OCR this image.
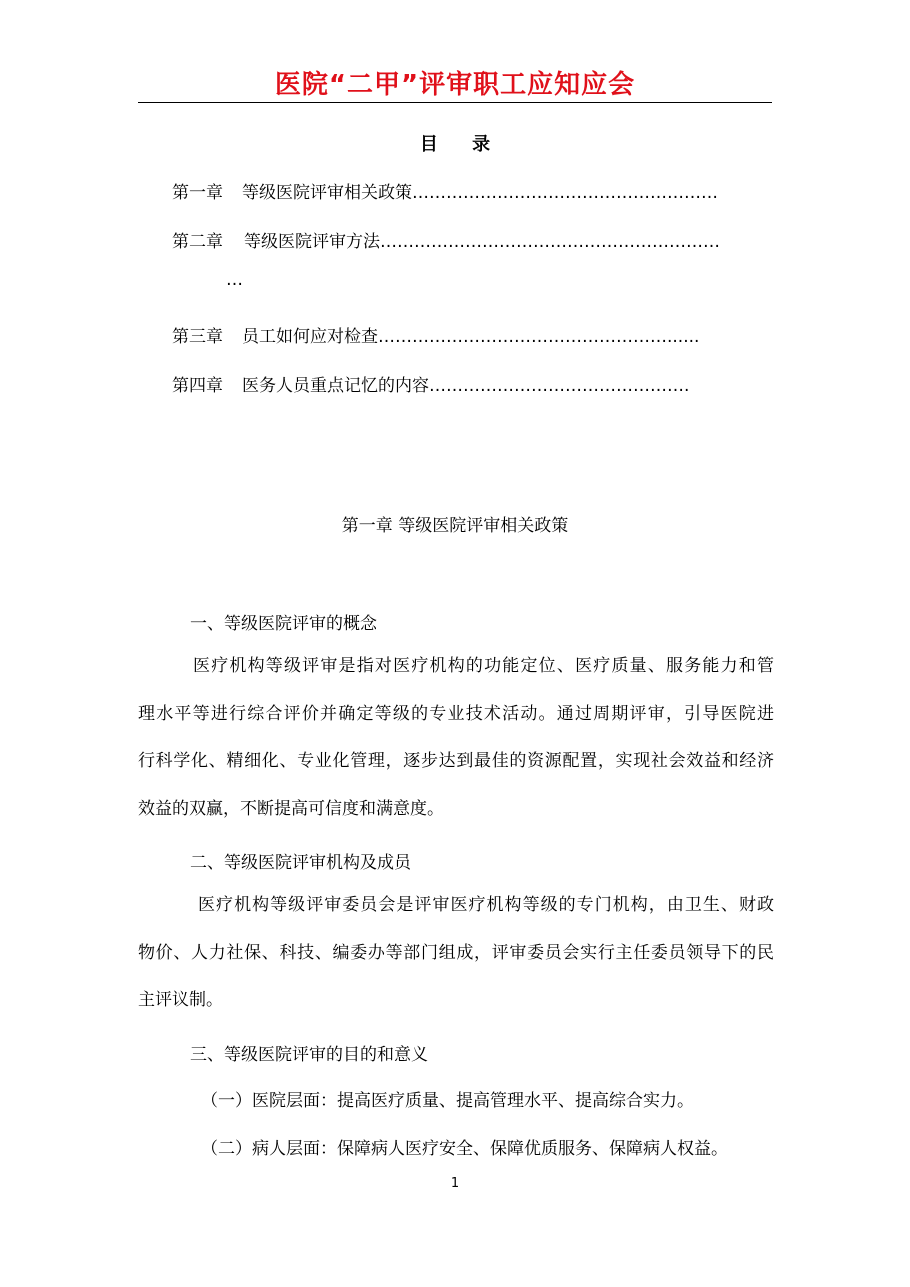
医院“二甲”评审职工应知应会
目 录
第一章 等级医院评审相关政策………………………………………………
第二章 等级医院评审方法……………………………………………………
…
第三章 员工如何应对检查……………………………………………......
第四章 医务人员重点记忆的内容……………………………………….
第一章 等级医院评审相关政策
一、等级医院评审的概念
医疗机构等级评审是指对医疗机构的功能定位、医疗质量、服务能力和管
理水平等进行综合评价并确定等级的专业技术活动。通过周期评审，引导医院进
行科学化、精细化、专业化管理，逐步达到最佳的资源配置，实现社会效益和经济
效益的双赢，不断提高可信度和满意度。
二、等级医院评审机构及成员
医疗机构等级评审委员会是评审医疗机构等级的专门机构，由卫生、财政
物价、人力社保、科技、编委办等部门组成，评审委员会实行主任委员领导下的民
主评议制。
三、等级医院评审的目的和意义
（一）医院层面：提高医疗质量、提高管理水平、提高综合实力。
（二）病人层面：保障病人医疗安全、保障优质服务、保障病人权益。
1
